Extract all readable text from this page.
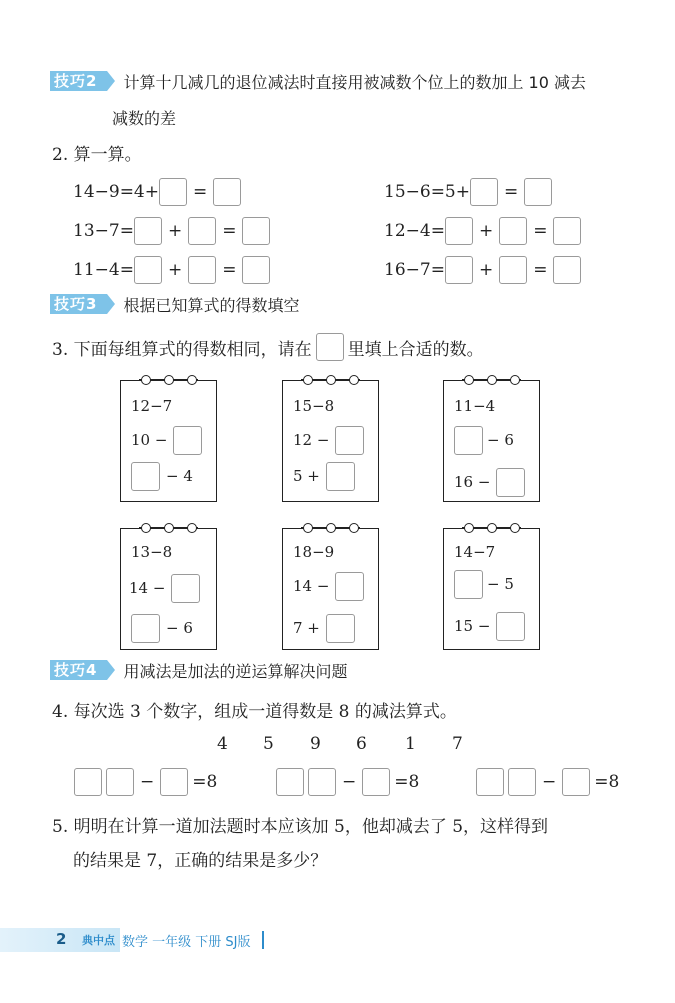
技巧2	计算十几减几的退位减法时直接用被减数个位上的数加上 10 减去
减数的差
2. 算一算。
14−9=4+ =
13−7= + =
11−4= + =
15−6=5+ =
12−4= + =
16−7= + =
技巧3	根据已知算式的得数填空
3. 下面每组算式的得数相同，请在 里填上合适的数。
12−7
10 −
− 4
15−8
12 −
5 +
11−4
− 6
16 −
13−8
14 −
− 6
18−9
14 −
7 +
14−7
− 5
15 −
技巧4	用减法是加法的逆运算解决问题
4. 每次选 3 个数字，组成一道得数是 8 的减法算式。
4 5 9 6 1 7
− =8	− =8	− =8
5. 明明在计算一道加法题时本应该加 5，他却减去了 5，这样得到
的结果是 7，正确的结果是多少？
2 典中点 数学 一年级 下册 SJ版
